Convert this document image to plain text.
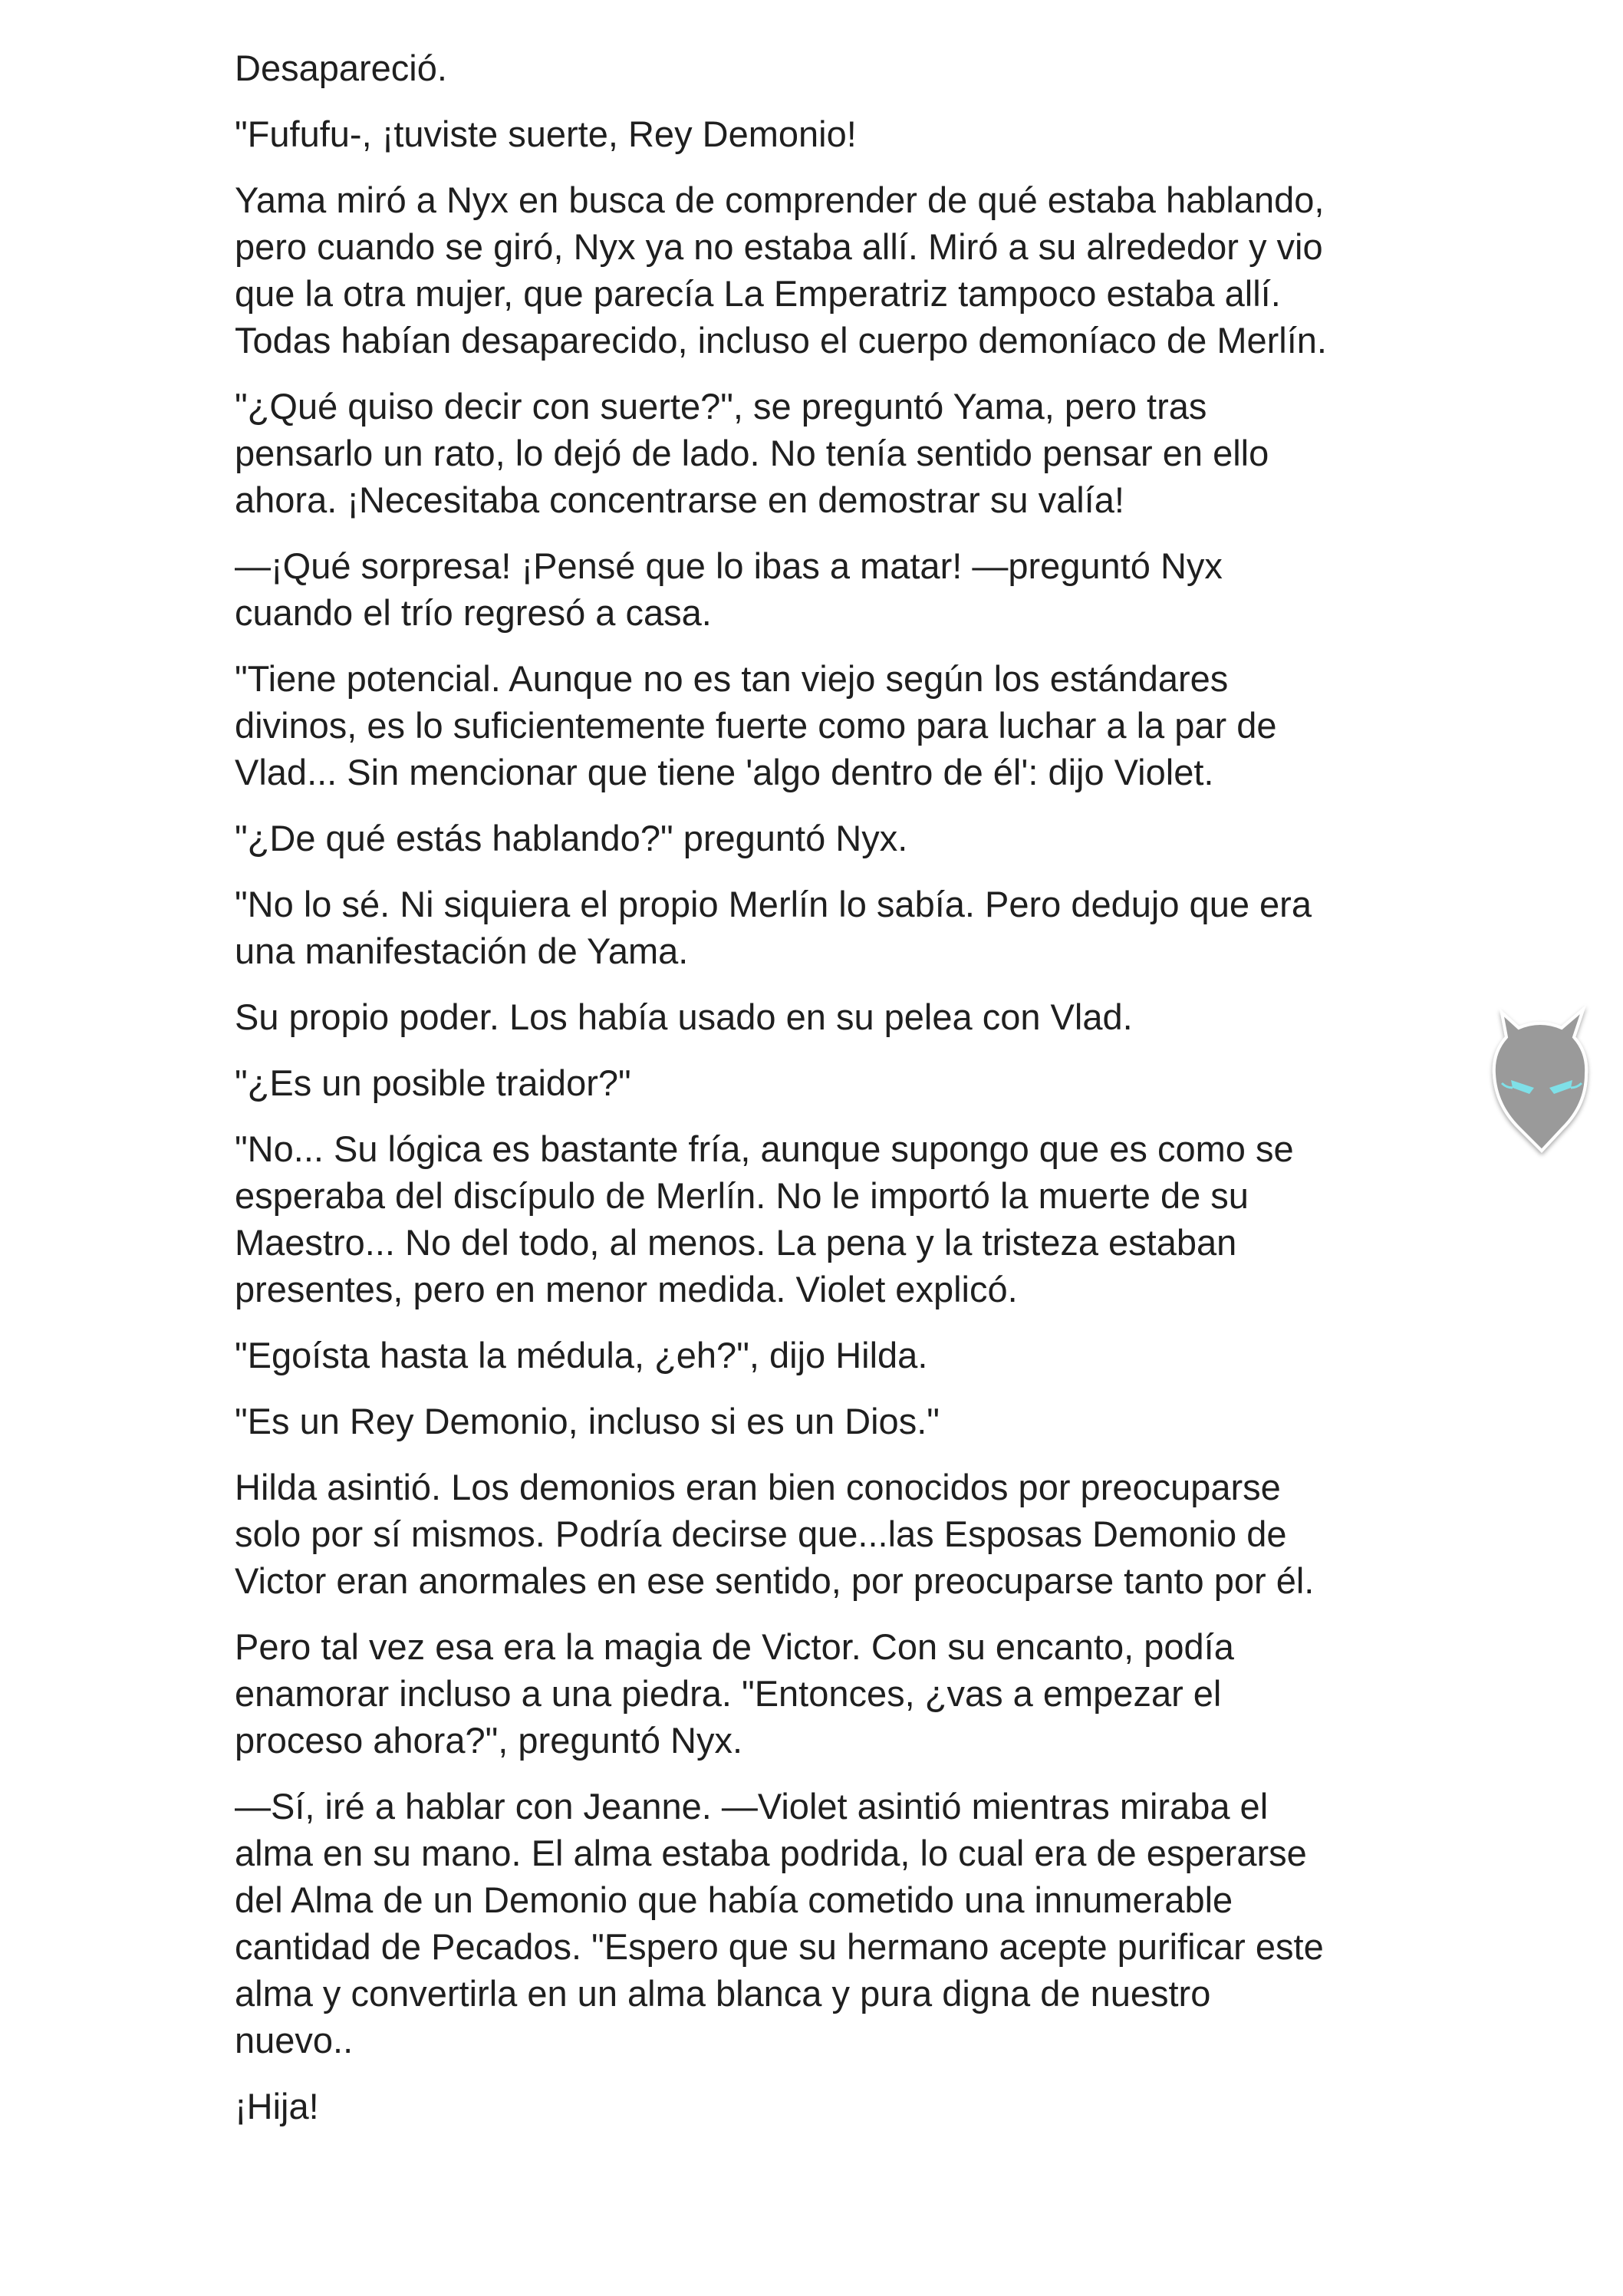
Desapareció.

"Fufufu-, ¡tuviste suerte, Rey Demonio!

Yama miró a Nyx en busca de comprender de qué estaba hablando,
pero cuando se giró, Nyx ya no estaba allí. Miró a su alrededor y vio
que la otra mujer, que parecía La Emperatriz tampoco estaba allí.
Todas habían desaparecido, incluso el cuerpo demoníaco de Merlín.

"¿Qué quiso decir con suerte?", se preguntó Yama, pero tras
pensarlo un rato, lo dejó de lado. No tenía sentido pensar en ello
ahora. ¡Necesitaba concentrarse en demostrar su valía!

—¡Qué sorpresa! ¡Pensé que lo ibas a matar! —preguntó Nyx
cuando el trío regresó a casa.

"Tiene potencial. Aunque no es tan viejo según los estándares
divinos, es lo suficientemente fuerte como para luchar a la par de
Vlad... Sin mencionar que tiene 'algo dentro de él': dijo Violet.

"¿De qué estás hablando?" preguntó Nyx.

"No lo sé. Ni siquiera el propio Merlín lo sabía. Pero dedujo que era
una manifestación de Yama.

Su propio poder. Los había usado en su pelea con Vlad.

"¿Es un posible traidor?"

"No... Su lógica es bastante fría, aunque supongo que es como se
esperaba del discípulo de Merlín. No le importó la muerte de su
Maestro... No del todo, al menos. La pena y la tristeza estaban
presentes, pero en menor medida. Violet explicó.

"Egoísta hasta la médula, ¿eh?", dijo Hilda.

"Es un Rey Demonio, incluso si es un Dios."

Hilda asintió. Los demonios eran bien conocidos por preocuparse
solo por sí mismos. Podría decirse que...las Esposas Demonio de
Victor eran anormales en ese sentido, por preocuparse tanto por él.

Pero tal vez esa era la magia de Victor. Con su encanto, podía
enamorar incluso a una piedra. "Entonces, ¿vas a empezar el
proceso ahora?", preguntó Nyx.

—Sí, iré a hablar con Jeanne. —Violet asintió mientras miraba el
alma en su mano. El alma estaba podrida, lo cual era de esperarse
del Alma de un Demonio que había cometido una innumerable
cantidad de Pecados. "Espero que su hermano acepte purificar este
alma y convertirla en un alma blanca y pura digna de nuestro
nuevo..

¡Hija!
